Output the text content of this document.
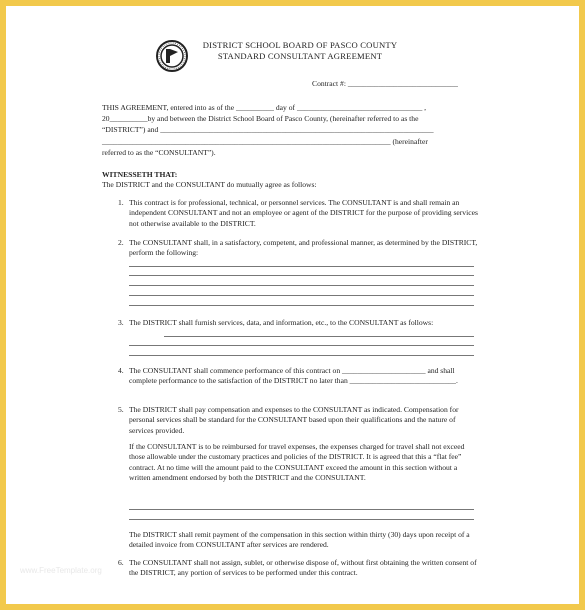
DISTRICT SCHOOL BOARD OF PASCO COUNTY
STANDARD CONSULTANT AGREEMENT
Contract #: _____________________________
THIS AGREEMENT, entered into as of the __________ day of _________________________________ ,
20__________by and between the District School Board of Pasco County, (hereinafter referred to as the
“DISTRICT”) and ________________________________________________________________________
____________________________________________________________________________ (hereinafter
referred to as the “CONSULTANT”).
WITNESSETH THAT:
The DISTRICT and the CONSULTANT do mutually agree as follows:
1. This contract is for professional, technical, or personnel services. The CONSULTANT is and shall remain an independent CONSULTANT and not an employee or agent of the DISTRICT for the purpose of providing services not otherwise available to the DISTRICT.
2. The CONSULTANT shall, in a satisfactory, competent, and professional manner, as determined by the DISTRICT, perform the following:
3. The DISTRICT shall furnish services, data, and information, etc., to the CONSULTANT as follows:
4. The CONSULTANT shall commence performance of this contract on ______________________ and shall complete performance to the satisfaction of the DISTRICT no later than ____________________________.
5. The DISTRICT shall pay compensation and expenses to the CONSULTANT as indicated. Compensation for personal services shall be standard for the CONSULTANT based upon their qualifications and the nature of services provided.
If the CONSULTANT is to be reimbursed for travel expenses, the expenses charged for travel shall not exceed those allowable under the customary practices and policies of the DISTRICT. It is agreed that this a “flat fee” contract. At no time will the amount paid to the CONSULTANT exceed the amount in this section without a written amendment endorsed by both the DISTRICT and the CONSULTANT.
The DISTRICT shall remit payment of the compensation in this section within thirty (30) days upon receipt of a detailed invoice from CONSULTANT after services are rendered.
6. The CONSULTANT shall not assign, sublet, or otherwise dispose of, without first obtaining the written consent of the DISTRICT, any portion of services to be performed under this contract.
www.FreeTemplate.org
